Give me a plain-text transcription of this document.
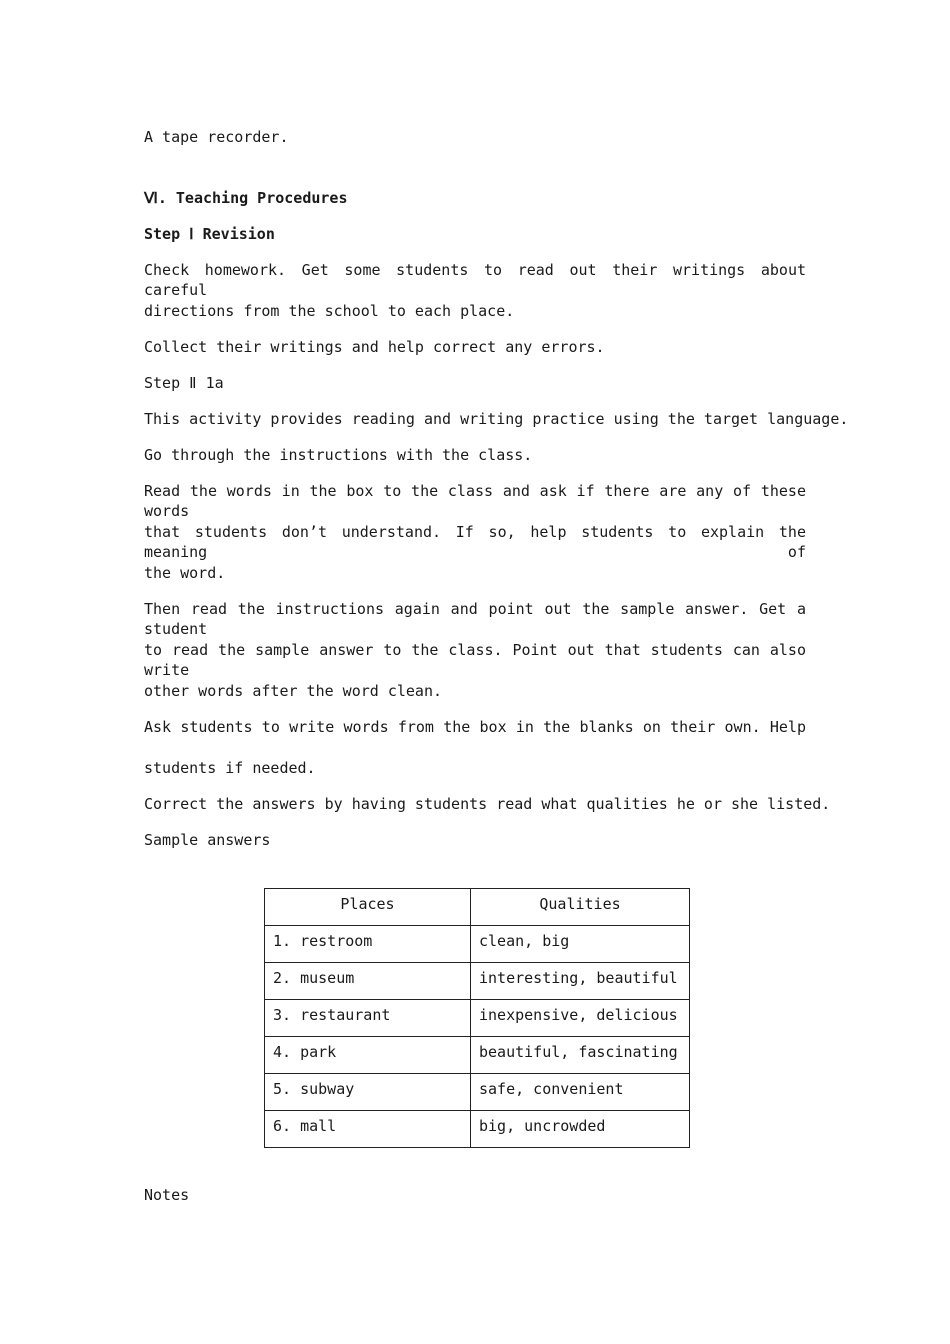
A tape recorder.
Ⅵ. Teaching Procedures
Step Ⅰ Revision
Check homework. Get some students to read out their writings about careful
directions from the school to each place.
Collect their writings and help correct any errors.
Step Ⅱ 1a
This activity provides reading and writing practice using the target language.
Go through the instructions with the class.
Read the words in the box to the class and ask if there are any of these words
that students don’t understand. If so, help students to explain the meaning of
the word.
Then read the instructions again and point out the sample answer. Get a student
to read the sample answer to the class. Point out that students can also write
other words after the word clean.
Ask students to write words from the box in the blanks on their own. Help
students if needed.
Correct the answers by having students read what qualities he or she listed.
Sample answers
Notes
Places	Qualities
1. restroom	clean, big
2. museum	interesting, beautiful
3. restaurant	inexpensive, delicious
4. park	beautiful, fascinating
5. subway	safe, convenient
6. mall	big, uncrowded
